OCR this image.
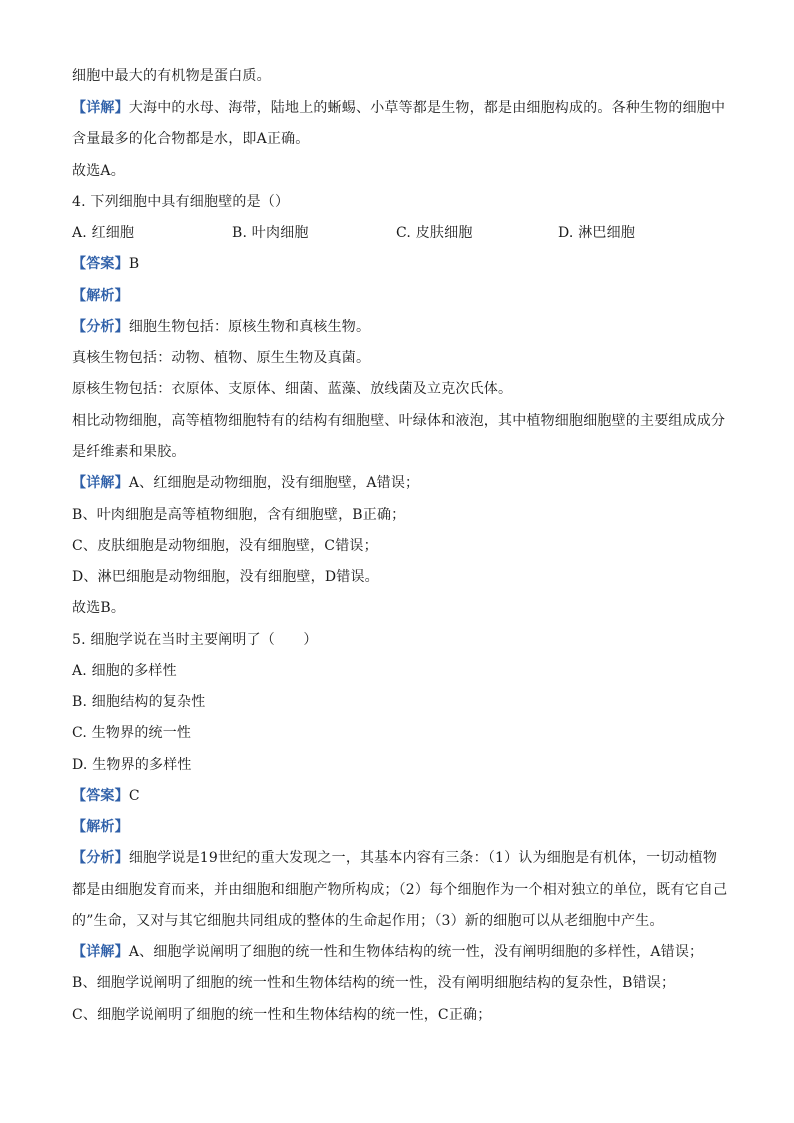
细胞中最大的有机物是蛋白质。
【详解】大海中的水母、海带，陆地上的蜥蜴、小草等都是生物，都是由细胞构成的。各种生物的细胞中
含量最多的化合物都是水，即A正确。
故选A。
4. 下列细胞中具有细胞壁的是（）
A. 红细胞	B. 叶肉细胞	C. 皮肤细胞	D. 淋巴细胞
【答案】B
【解析】
【分析】细胞生物包括：原核生物和真核生物。
真核生物包括：动物、植物、原生生物及真菌。
原核生物包括：衣原体、支原体、细菌、蓝藻、放线菌及立克次氏体。
相比动物细胞，高等植物细胞特有的结构有细胞壁、叶绿体和液泡，其中植物细胞细胞壁的主要组成成分
是纤维素和果胶。
【详解】A、红细胞是动物细胞，没有细胞壁，A错误；
B、叶肉细胞是高等植物细胞，含有细胞壁，B正确；
C、皮肤细胞是动物细胞，没有细胞壁，C错误；
D、淋巴细胞是动物细胞，没有细胞壁，D错误。
故选B。
5. 细胞学说在当时主要阐明了（　　）
A. 细胞的多样性
B. 细胞结构的复杂性
C. 生物界的统一性
D. 生物界的多样性
【答案】C
【解析】
【分析】细胞学说是19世纪的重大发现之一，其基本内容有三条：（1）认为细胞是有机体，一切动植物
都是由细胞发育而来，并由细胞和细胞产物所构成；（2）每个细胞作为一个相对独立的单位，既有它自己
的”生命，又对与其它细胞共同组成的整体的生命起作用；（3）新的细胞可以从老细胞中产生。
【详解】A、细胞学说阐明了细胞的统一性和生物体结构的统一性，没有阐明细胞的多样性，A错误；
B、细胞学说阐明了细胞的统一性和生物体结构的统一性，没有阐明细胞结构的复杂性，B错误；
C、细胞学说阐明了细胞的统一性和生物体结构的统一性，C正确；
